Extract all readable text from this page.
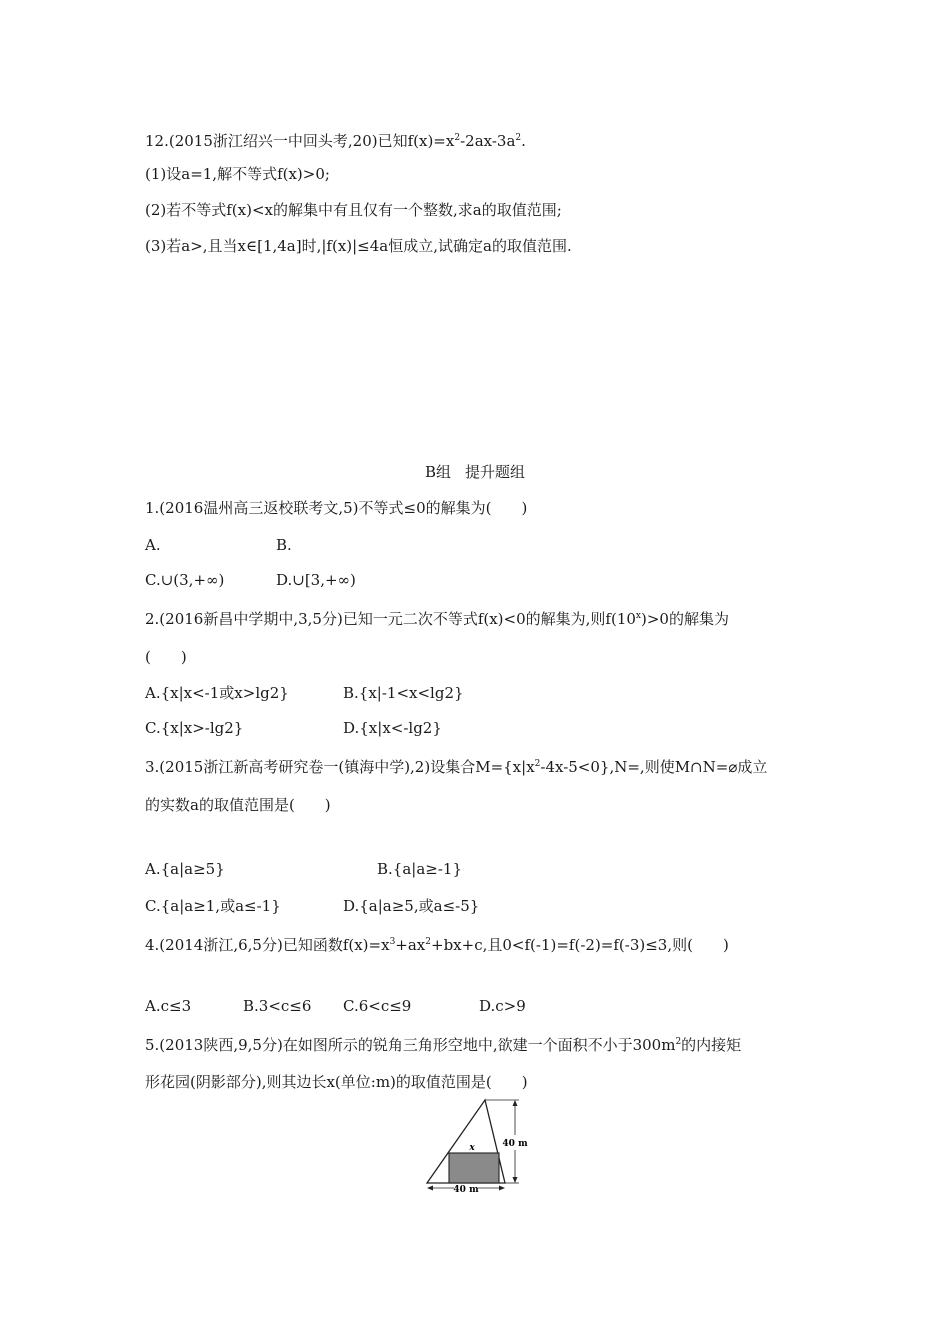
12.(2015浙江绍兴一中回头考,20)已知$f(x)=x^2-2ax-3a^2$.
(1)设a=1,解不等式f(x)>0;
(2)若不等式f(x)<x的解集中有且仅有一个整数,求a的取值范围;
(3)若a>,且当x∈[1,4a]时,|f(x)|≤4a恒成立,试确定a的取值范围.
B组 提升题组
1.(2016温州高三返校联考文,5)不等式≤0的解集为(　　)
A.	B.
C.∪(3,+∞)	D.∪[3,+∞)
2.(2016新昌中学期中,3,5分)已知一元二次不等式f(x)<0的解集为,则$f(10^x)>0$的解集为
(　　)
A.{x|x<-1或x>lg2}	B.{x|-1<x<lg2}
C.{x|x>-lg2}	D.{x|x<-lg2}
3.(2015浙江新高考研究卷一(镇海中学),2)设集合$M=\{x|x^2-4x-5<0\},N=$,则使M∩N=⌀成立
的实数a的取值范围是(　　)
A.{a|a≥5}	B.{a|a≥-1}
C.{a|a≥1,或a≤-1}	D.{a|a≥5,或a≤-5}
4.(2014浙江,6,5分)已知函数$f(x)=x^3+ax^2+bx+c$,且0<f(-1)=f(-2)=f(-3)≤3,则(　　)
A.c≤3	B.3<c≤6 C.6<c≤9	D.c>9
5.(2013陕西,9,5分)在如图所示的锐角三角形空地中,欲建一个面积不小于$300m^2$的内接矩
形花园(阴影部分),则其边长x(单位:m)的取值范围是(　　)
x	40 m
40 m
